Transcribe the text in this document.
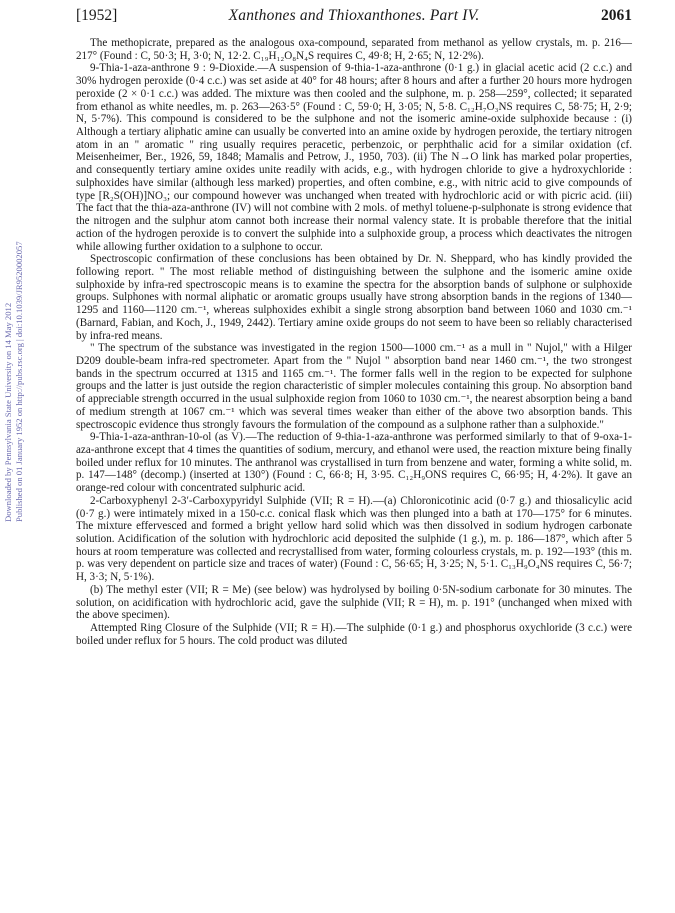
Downloaded by Pennsylvania State University on 14 May 2012 Published on 01 January 1952 on http://pubs.rsc.org | doi:10.1039/JR9520002057
[1952]	Xanthones and Thioxanthones. Part IV.	2061

The methopicrate, prepared as the analogous oxa-compound, separated from methanol as yellow crystals, m. p. 216—217° (Found : C, 50·3; H, 3·0; N, 12·2. C₁₉H₁₂O₈N₄S requires C, 49·8; H, 2·65; N, 12·2%).

9-Thia-1-aza-anthrone 9 : 9-Dioxide.—A suspension of 9-thia-1-aza-anthrone (0·1 g.) in glacial acetic acid (2 c.c.) and 30% hydrogen peroxide (0·4 c.c.) was set aside at 40° for 48 hours; after 8 hours and after a further 20 hours more hydrogen peroxide (2 × 0·1 c.c.) was added. The mixture was then cooled and the sulphone, m. p. 258—259°, collected; it separated from ethanol as white needles, m. p. 263—263·5° (Found : C, 59·0; H, 3·05; N, 5·8. C₁₂H₇O₃NS requires C, 58·75; H, 2·9; N, 5·7%). This compound is considered to be the sulphone and not the isomeric amine-oxide sulphoxide because : (i) Although a tertiary aliphatic amine can usually be converted into an amine oxide by hydrogen peroxide, the tertiary nitrogen atom in an " aromatic " ring usually requires peracetic, perbenzoic, or perphthalic acid for a similar oxidation (cf. Meisenheimer, Ber., 1926, 59, 1848; Mamalis and Petrow, J., 1950, 703). (ii) The N→O link has marked polar properties, and consequently tertiary amine oxides unite readily with acids, e.g., with hydrogen chloride to give a hydroxychloride : sulphoxides have similar (although less marked) properties, and often combine, e.g., with nitric acid to give compounds of type [R₂S(OH)]NO₃; our compound however was unchanged when treated with hydrochloric acid or with picric acid. (iii) The fact that the thia-aza-anthrone (IV) will not combine with 2 mols. of methyl toluene-p-sulphonate is strong evidence that the nitrogen and the sulphur atom cannot both increase their normal valency state. It is probable therefore that the initial action of the hydrogen peroxide is to convert the sulphide into a sulphoxide group, a process which deactivates the nitrogen while allowing further oxidation to a sulphone to occur.

Spectroscopic confirmation of these conclusions has been obtained by Dr. N. Sheppard, who has kindly provided the following report. " The most reliable method of distinguishing between the sulphone and the isomeric amine oxide sulphoxide by infra-red spectroscopic means is to examine the spectra for the absorption bands of sulphone or sulphoxide groups. Sulphones with normal aliphatic or aromatic groups usually have strong absorption bands in the regions of 1340—1295 and 1160—1120 cm.⁻¹, whereas sulphoxides exhibit a single strong absorption band between 1060 and 1030 cm.⁻¹ (Barnard, Fabian, and Koch, J., 1949, 2442). Tertiary amine oxide groups do not seem to have been so reliably characterised by infra-red means.

" The spectrum of the substance was investigated in the region 1500—1000 cm.⁻¹ as a mull in " Nujol," with a Hilger D209 double-beam infra-red spectrometer. Apart from the " Nujol " absorption band near 1460 cm.⁻¹, the two strongest bands in the spectrum occurred at 1315 and 1165 cm.⁻¹. The former falls well in the region to be expected for sulphone groups and the latter is just outside the region characteristic of simpler molecules containing this group. No absorption band of appreciable strength occurred in the usual sulphoxide region from 1060 to 1030 cm.⁻¹, the nearest absorption being a band of medium strength at 1067 cm.⁻¹ which was several times weaker than either of the above two absorption bands. This spectroscopic evidence thus strongly favours the formulation of the compound as a sulphone rather than a sulphoxide."

9-Thia-1-aza-anthran-10-ol (as V).—The reduction of 9-thia-1-aza-anthrone was performed similarly to that of 9-oxa-1-aza-anthrone except that 4 times the quantities of sodium, mercury, and ethanol were used, the reaction mixture being finally boiled under reflux for 10 minutes. The anthranol was crystallised in turn from benzene and water, forming a white solid, m. p. 147—148° (decomp.) (inserted at 130°) (Found : C, 66·8; H, 3·95. C₁₂H₉ONS requires C, 66·95; H, 4·2%). It gave an orange-red colour with concentrated sulphuric acid.

2-Carboxyphenyl 2-3′-Carboxypyridyl Sulphide (VII; R = H).—(a) Chloronicotinic acid (0·7 g.) and thiosalicylic acid (0·7 g.) were intimately mixed in a 150-c.c. conical flask which was then plunged into a bath at 170—175° for 6 minutes. The mixture effervesced and formed a bright yellow hard solid which was then dissolved in sodium hydrogen carbonate solution. Acidification of the solution with hydrochloric acid deposited the sulphide (1 g.), m. p. 186—187°, which after 5 hours at room temperature was collected and recrystallised from water, forming colourless crystals, m. p. 192—193° (this m. p. was very dependent on particle size and traces of water) (Found : C, 56·65; H, 3·25; N, 5·1. C₁₃H₉O₄NS requires C, 56·7; H, 3·3; N, 5·1%).

(b) The methyl ester (VII; R = Me) (see below) was hydrolysed by boiling 0·5N-sodium carbonate for 30 minutes. The solution, on acidification with hydrochloric acid, gave the sulphide (VII; R = H), m. p. 191° (unchanged when mixed with the above specimen).

Attempted Ring Closure of the Sulphide (VII; R = H).—The sulphide (0·1 g.) and phosphorus oxychloride (3 c.c.) were boiled under reflux for 5 hours. The cold product was diluted
